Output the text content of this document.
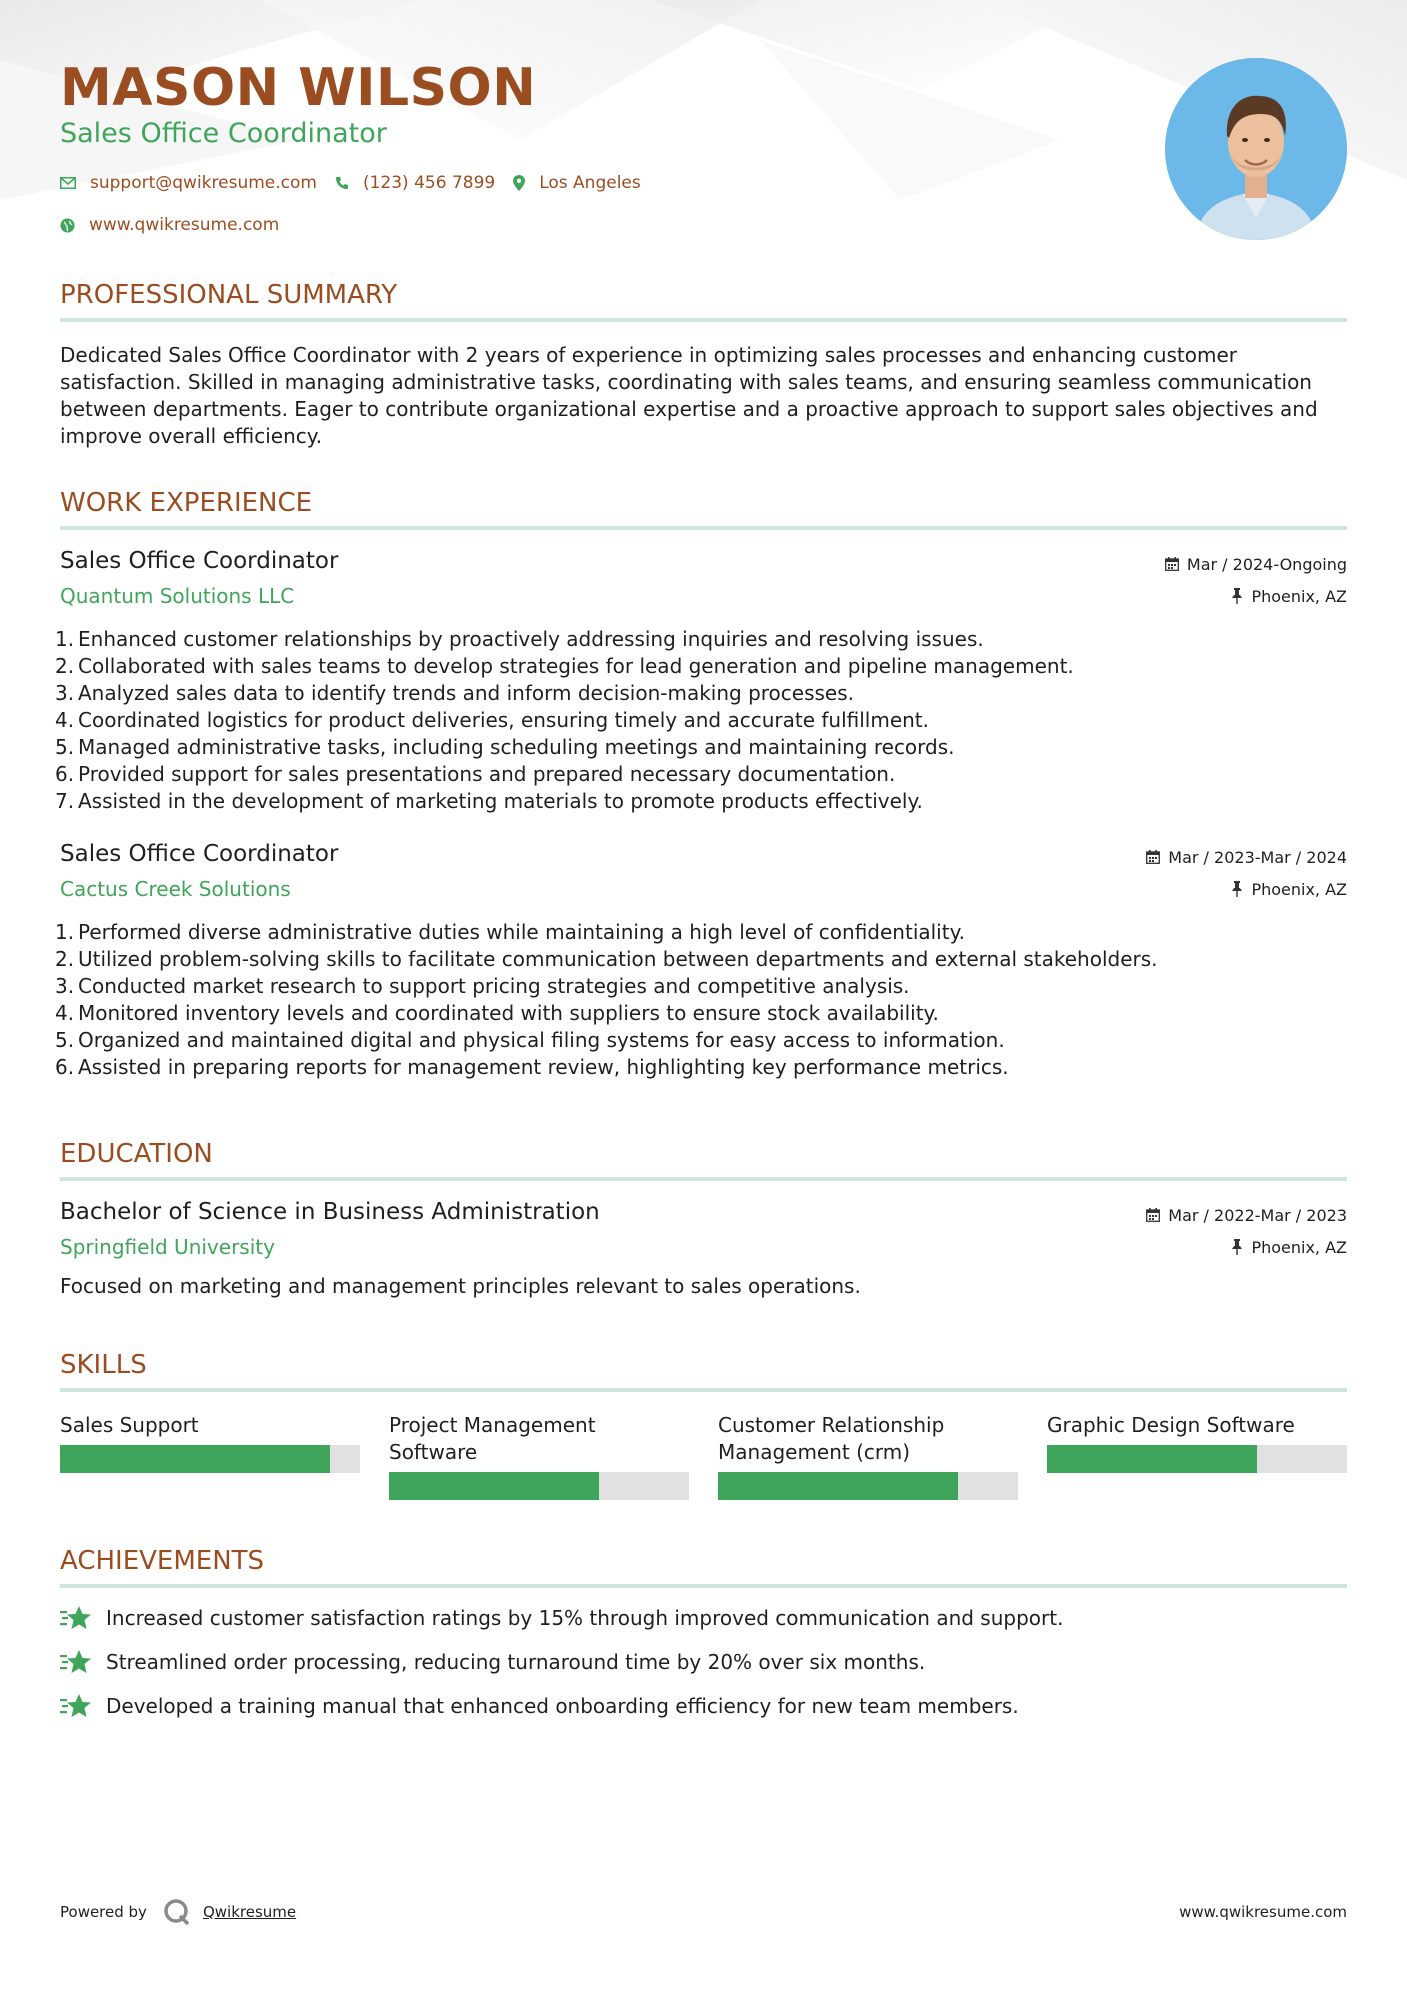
MASON WILSON
Sales Office Coordinator
support@qwikresume.com	(123) 456 7899	Los Angeles
www.qwikresume.com
PROFESSIONAL SUMMARY

Dedicated Sales Office Coordinator with 2 years of experience in optimizing sales processes and enhancing customer satisfaction. Skilled in managing administrative tasks, coordinating with sales teams, and ensuring seamless communication between departments. Eager to contribute organizational expertise and a proactive approach to support sales objectives and improve overall efficiency.

WORK EXPERIENCE
Sales Office Coordinator
Quantum Solutions LLC
Mar / 2024-Ongoing
Phoenix, AZ
1. Enhanced customer relationships by proactively addressing inquiries and resolving issues.
2. Collaborated with sales teams to develop strategies for lead generation and pipeline management.
3. Analyzed sales data to identify trends and inform decision-making processes.
4. Coordinated logistics for product deliveries, ensuring timely and accurate fulfillment.
5. Managed administrative tasks, including scheduling meetings and maintaining records.
6. Provided support for sales presentations and prepared necessary documentation.
7. Assisted in the development of marketing materials to promote products effectively.
Sales Office Coordinator
Cactus Creek Solutions
Mar / 2023-Mar / 2024
Phoenix, AZ
1. Performed diverse administrative duties while maintaining a high level of confidentiality.
2. Utilized problem-solving skills to facilitate communication between departments and external stakeholders.
3. Conducted market research to support pricing strategies and competitive analysis.
4. Monitored inventory levels and coordinated with suppliers to ensure stock availability.
5. Organized and maintained digital and physical filing systems for easy access to information.
6. Assisted in preparing reports for management review, highlighting key performance metrics.
EDUCATION
Bachelor of Science in Business Administration
Springfield University
Mar / 2022-Mar / 2023
Phoenix, AZ

Focused on marketing and management principles relevant to sales operations.

SKILLS
Sales Support	Project Management Software
Customer Relationship Management (crm)
Graphic Design Software
ACHIEVEMENTS
Increased customer satisfaction ratings by 15% through improved communication and support.
Streamlined order processing, reducing turnaround time by 20% over six months.
Developed a training manual that enhanced onboarding efficiency for new team members.
Powered by	Qwikresume	www.qwikresume.com
